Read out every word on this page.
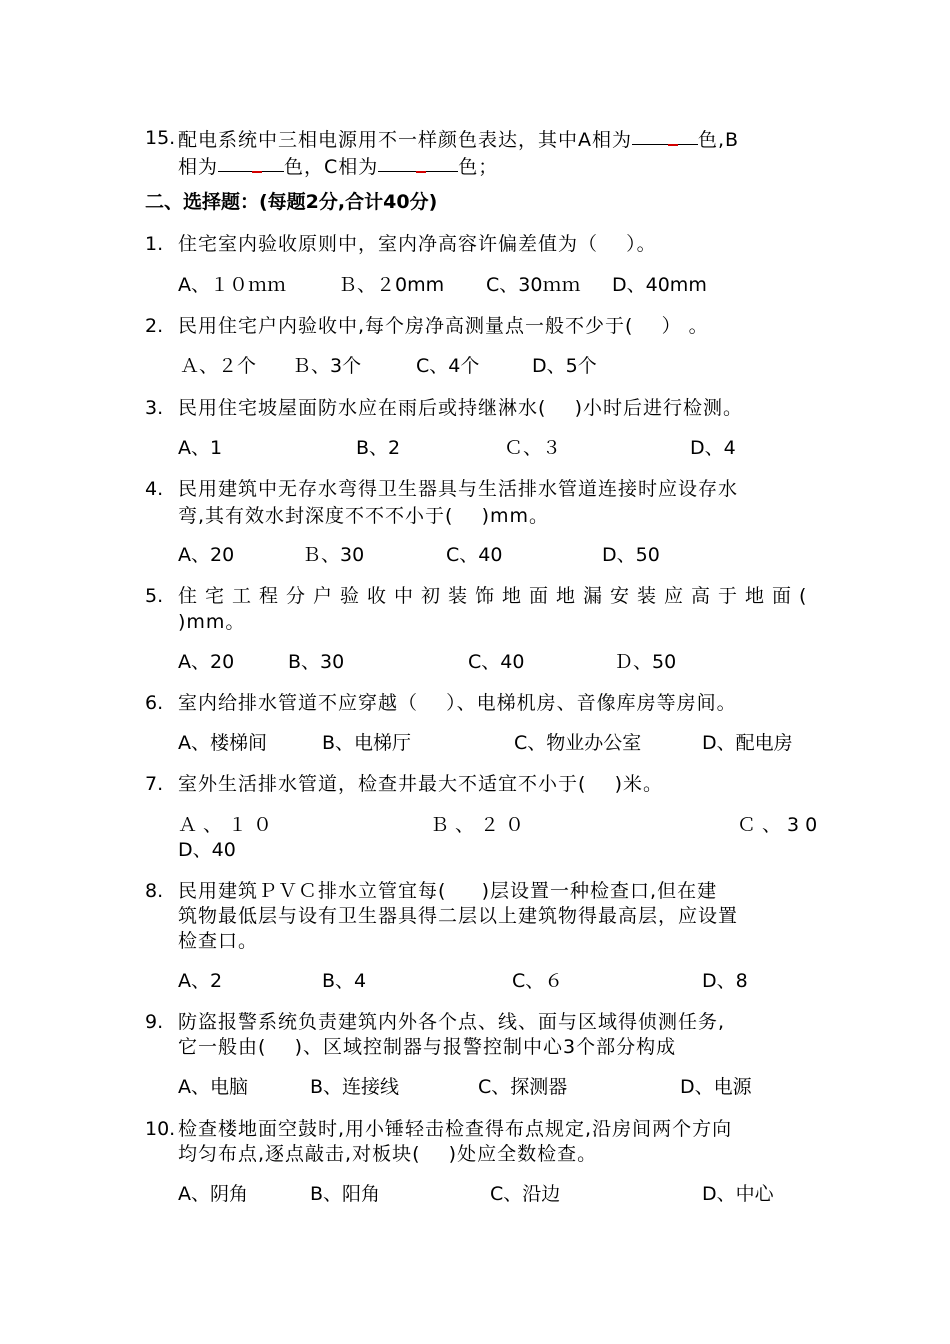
15. 配电系统中三相电源用不一样颜色表达，其中A相为	色,B
相为	色，C相为	色；
二、选择题：(每题2分,合计40分)
1. 住宅室内验收原则中，室内净高容许偏差值为（    ）。
A、１０ｍｍ	Ｂ、２0mm C、30ｍｍ D、40mm
2. 民用住宅户内验收中,每个房净高测量点一般不少于(    ） 。
Ａ、２个 Ｂ、3个	C、4个	D、5个
3. 民用住宅坡屋面防水应在雨后或持继淋水(    )小时后进行检测。
A、1	B、2	Ｃ、３	D、4
4. 民用建筑中无存水弯得卫生器具与生活排水管道连接时应设存水
弯,其有效水封深度不不不小于(    )mm。
A、20	Ｂ、30	C、40	D、50
5. 住宅工程分户验收中初装饰地面地漏安装应高于地面(
)mm。
A、20	B、30	C、40	Ｄ、50
6. 室内给排水管道不应穿越（    ）、电梯机房、音像库房等房间。
A、楼梯间	B、电梯厅	C、物业办公室	D、配电房
7. 室外生活排水管道，检查井最大不适宜不小于(    )米。
Ａ、１０	Ｂ、２０	Ｃ、30
D、40
8. 民用建筑ＰＶＣ排水立管宜每(     )层设置一种检查口,但在建
筑物最低层与设有卫生器具得二层以上建筑物得最高层，应设置
检查口。
A、2	B、4	C、６	D、8
9. 防盗报警系统负责建筑内外各个点、线、面与区域得侦测任务,
它一般由(    )、区域控制器与报警控制中心3个部分构成
A、电脑	B、连接线	C、探测器	D、电源
10. 检查楼地面空鼓时,用小锤轻击检查得布点规定,沿房间两个方向
均匀布点,逐点敲击,对板块(    )处应全数检查。
A、阴角	B、阳角	C、沿边	D、中心
